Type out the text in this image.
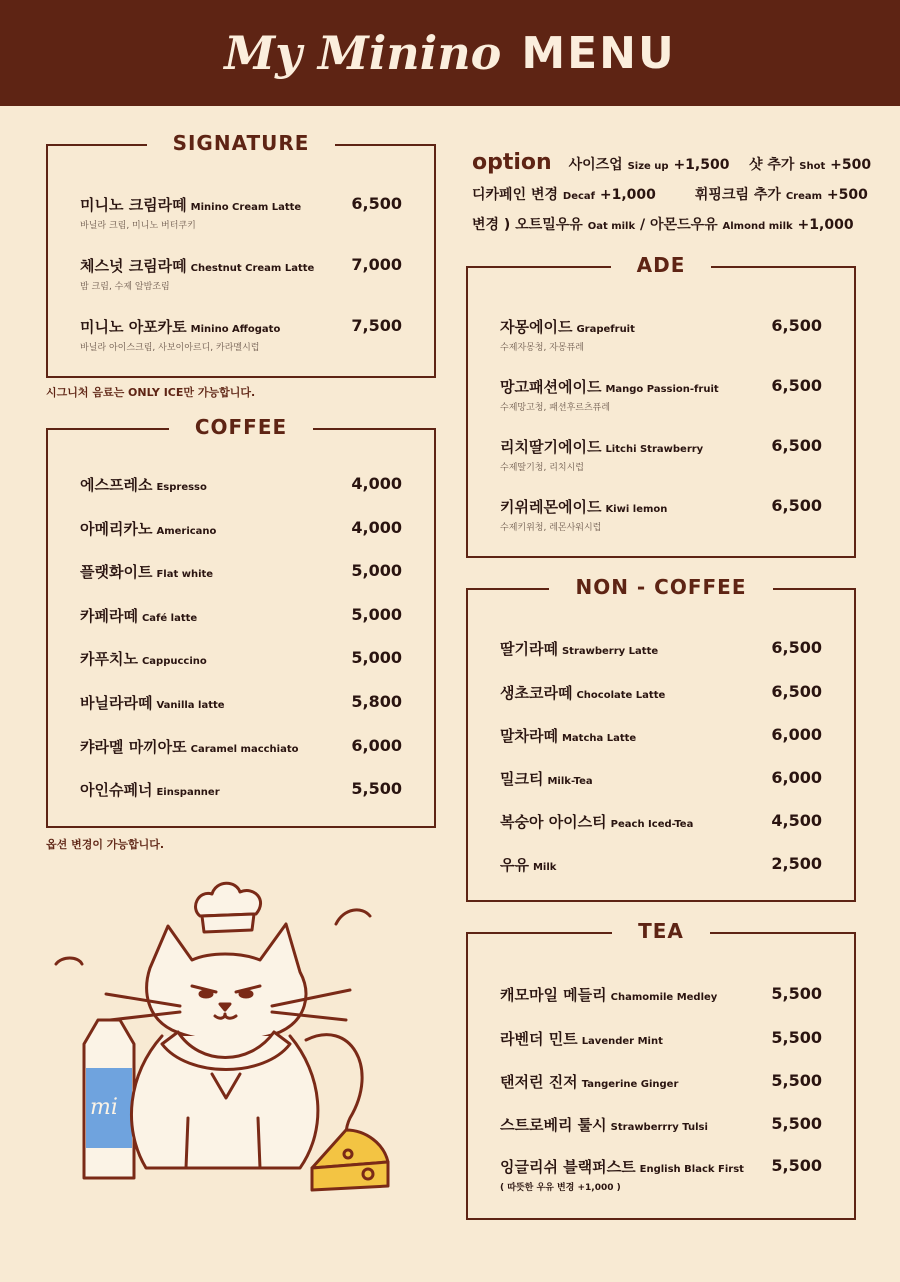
My Minino MENU
option 사이즈업 Size up +1,500 샷 추가 Shot +500
디카페인 변경 Decaf +1,000	휘핑크림 추가 Cream +500
변경 ) 오트밀우유 Oat milk / 아몬드우유 Almond milk +1,000
SIGNATURE
미니노 크림라떼 Minino Cream Latte
바닐라 크림, 미니노 버터쿠키
6,500
체스넛 크림라떼 Chestnut Cream Latte
밤 크림, 수제 알밤조림
7,000
미니노 아포카토 Minino Affogato
바닐라 아이스크림, 사보이아르디, 카라멜시럽
7,500
시그니처 음료는 ONLY ICE만 가능합니다.
COFFEE
에스프레소 Espresso	4,000
아메리카노 Americano	4,000
플랫화이트 Flat white	5,000
카페라떼 Café latte	5,000
카푸치노 Cappuccino	5,000
바닐라라떼 Vanilla latte	5,800
캬라멜 마끼아또 Caramel macchiato	6,000
아인슈페너 Einspanner	5,500
옵션 변경이 가능합니다.
ADE
자몽에이드 Grapefruit
수제자몽청, 자몽퓨레
6,500
망고패션에이드 Mango Passion-fruit
수제망고청, 패션후르츠퓨레
6,500
리치딸기에이드 Litchi Strawberry
수제딸기청, 리치시럽
6,500
키위레몬에이드 Kiwi lemon
수제키위청, 레몬사워시럽
6,500
NON - COFFEE
딸기라떼 Strawberry Latte	6,500
생초코라떼 Chocolate Latte	6,500
말차라떼 Matcha Latte	6,000
밀크티 Milk-Tea	6,000
복숭아 아이스티 Peach Iced-Tea	4,500
우유 Milk	2,500
TEA
캐모마일 메들리 Chamomile Medley	5,500
라벤더 민트 Lavender Mint	5,500
탠저린 진저 Tangerine Ginger	5,500
스트로베리 툴시 Strawberrry Tulsi	5,500
잉글리쉬 블랙퍼스트 English Black First
( 따뜻한 우유 변경 +1,000 )
5,500
mi
